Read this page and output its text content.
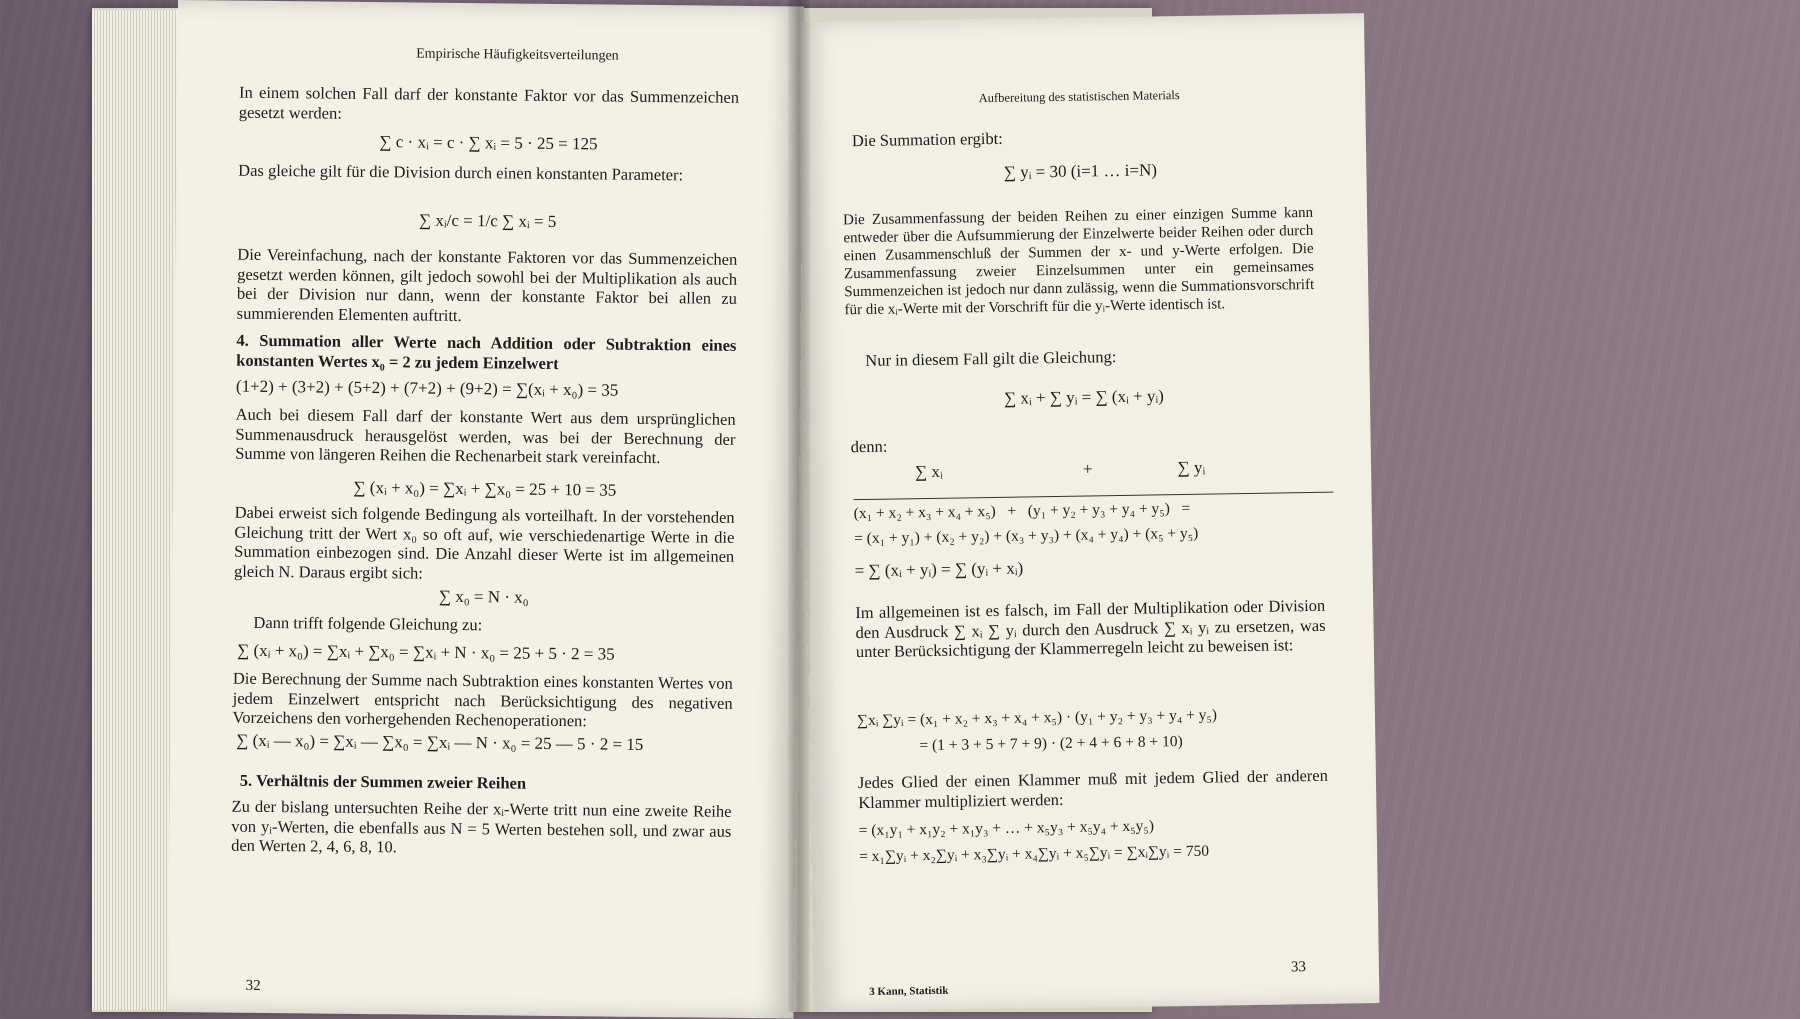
Empirische Häufigkeitsverteilungen
In einem solchen Fall darf der konstante Faktor vor das Summenzeichen gesetzt werden:
∑ c · xᵢ = c · ∑ xᵢ = 5 · 25 = 125
Das gleiche gilt für die Division durch einen konstanten Parameter:
∑ xᵢ/c = 1/c ∑ xᵢ = 5
Die Vereinfachung, nach der konstante Faktoren vor das Summenzeichen gesetzt werden können, gilt jedoch sowohl bei der Multiplikation als auch bei der Division nur dann, wenn der konstante Faktor bei allen zu summierenden Elementen auftritt.
4. Summation aller Werte nach Addition oder Subtraktion eines konstanten Wertes x₀ = 2 zu jedem Einzelwert
(1+2) + (3+2) + (5+2) + (7+2) + (9+2) = ∑(xᵢ + x₀) = 35
Auch bei diesem Fall darf der konstante Wert aus dem ursprünglichen Summenausdruck herausgelöst werden, was bei der Berechnung der Summe von längeren Reihen die Rechenarbeit stark vereinfacht.
∑ (xᵢ + x₀) = ∑xᵢ + ∑x₀ = 25 + 10 = 35
Dabei erweist sich folgende Bedingung als vorteilhaft. In der vorstehenden Gleichung tritt der Wert x₀ so oft auf, wie verschiedenartige Werte in die Summation einbezogen sind. Die Anzahl dieser Werte ist im allgemeinen gleich N. Daraus ergibt sich:
∑ x₀ = N · x₀
Dann trifft folgende Gleichung zu:
∑ (xᵢ + x₀) = ∑xᵢ + ∑x₀ = ∑xᵢ + N · x₀ = 25 + 5 · 2 = 35
Die Berechnung der Summe nach Subtraktion eines konstanten Wertes von jedem Einzelwert entspricht nach Berücksichtigung des negativen Vorzeichens den vorhergehenden Rechenoperationen:
∑ (xᵢ — x₀) = ∑xᵢ — ∑x₀ = ∑xᵢ — N · x₀ = 25 — 5 · 2 = 15
5. Verhältnis der Summen zweier Reihen
Zu der bislang untersuchten Reihe der xᵢ-Werte tritt nun eine zweite Reihe von yᵢ-Werten, die ebenfalls aus N = 5 Werten bestehen soll, und zwar aus den Werten 2, 4, 6, 8, 10.
32
Aufbereitung des statistischen Materials
Die Summation ergibt:
∑ yᵢ = 30 (i=1 … i=N)
Die Zusammenfassung der beiden Reihen zu einer einzigen Summe kann entweder über die Aufsummierung der Einzelwerte beider Reihen oder durch einen Zusammenschluß der Summen der x- und y-Werte erfolgen. Die Zusammenfassung zweier Einzelsummen unter ein gemeinsames Summenzeichen ist jedoch nur dann zulässig, wenn die Summationsvorschrift für die xᵢ-Werte mit der Vorschrift für die yᵢ-Werte identisch ist.
Nur in diesem Fall gilt die Gleichung:
∑ xᵢ + ∑ yᵢ = ∑ (xᵢ + yᵢ)
denn:
∑ xᵢ                                 +                    ∑ yᵢ
(x₁ + x₂ + x₃ + x₄ + x₅)   +   (y₁ + y₂ + y₃ + y₄ + y₅)   =
= (x₁ + y₁) + (x₂ + y₂) + (x₃ + y₃) + (x₄ + y₄) + (x₅ + y₅)
= ∑ (xᵢ + yᵢ) = ∑ (yᵢ + xᵢ)
Im allgemeinen ist es falsch, im Fall der Multiplikation oder Division den Ausdruck ∑ xᵢ ∑ yᵢ durch den Ausdruck ∑ xᵢ yᵢ zu ersetzen, was unter Berücksichtigung der Klammerregeln leicht zu beweisen ist:
∑xᵢ ∑yᵢ = (x₁ + x₂ + x₃ + x₄ + x₅) · (y₁ + y₂ + y₃ + y₄ + y₅)
= (1 + 3 + 5 + 7 + 9) · (2 + 4 + 6 + 8 + 10)
Jedes Glied der einen Klammer muß mit jedem Glied der anderen Klammer multipliziert werden:
= (x₁y₁ + x₁y₂ + x₁y₃ + … + x₅y₃ + x₅y₄ + x₅y₅)
= x₁∑yᵢ + x₂∑yᵢ + x₃∑yᵢ + x₄∑yᵢ + x₅∑yᵢ = ∑xᵢ∑yᵢ = 750
3 Kann, Statistik
33
